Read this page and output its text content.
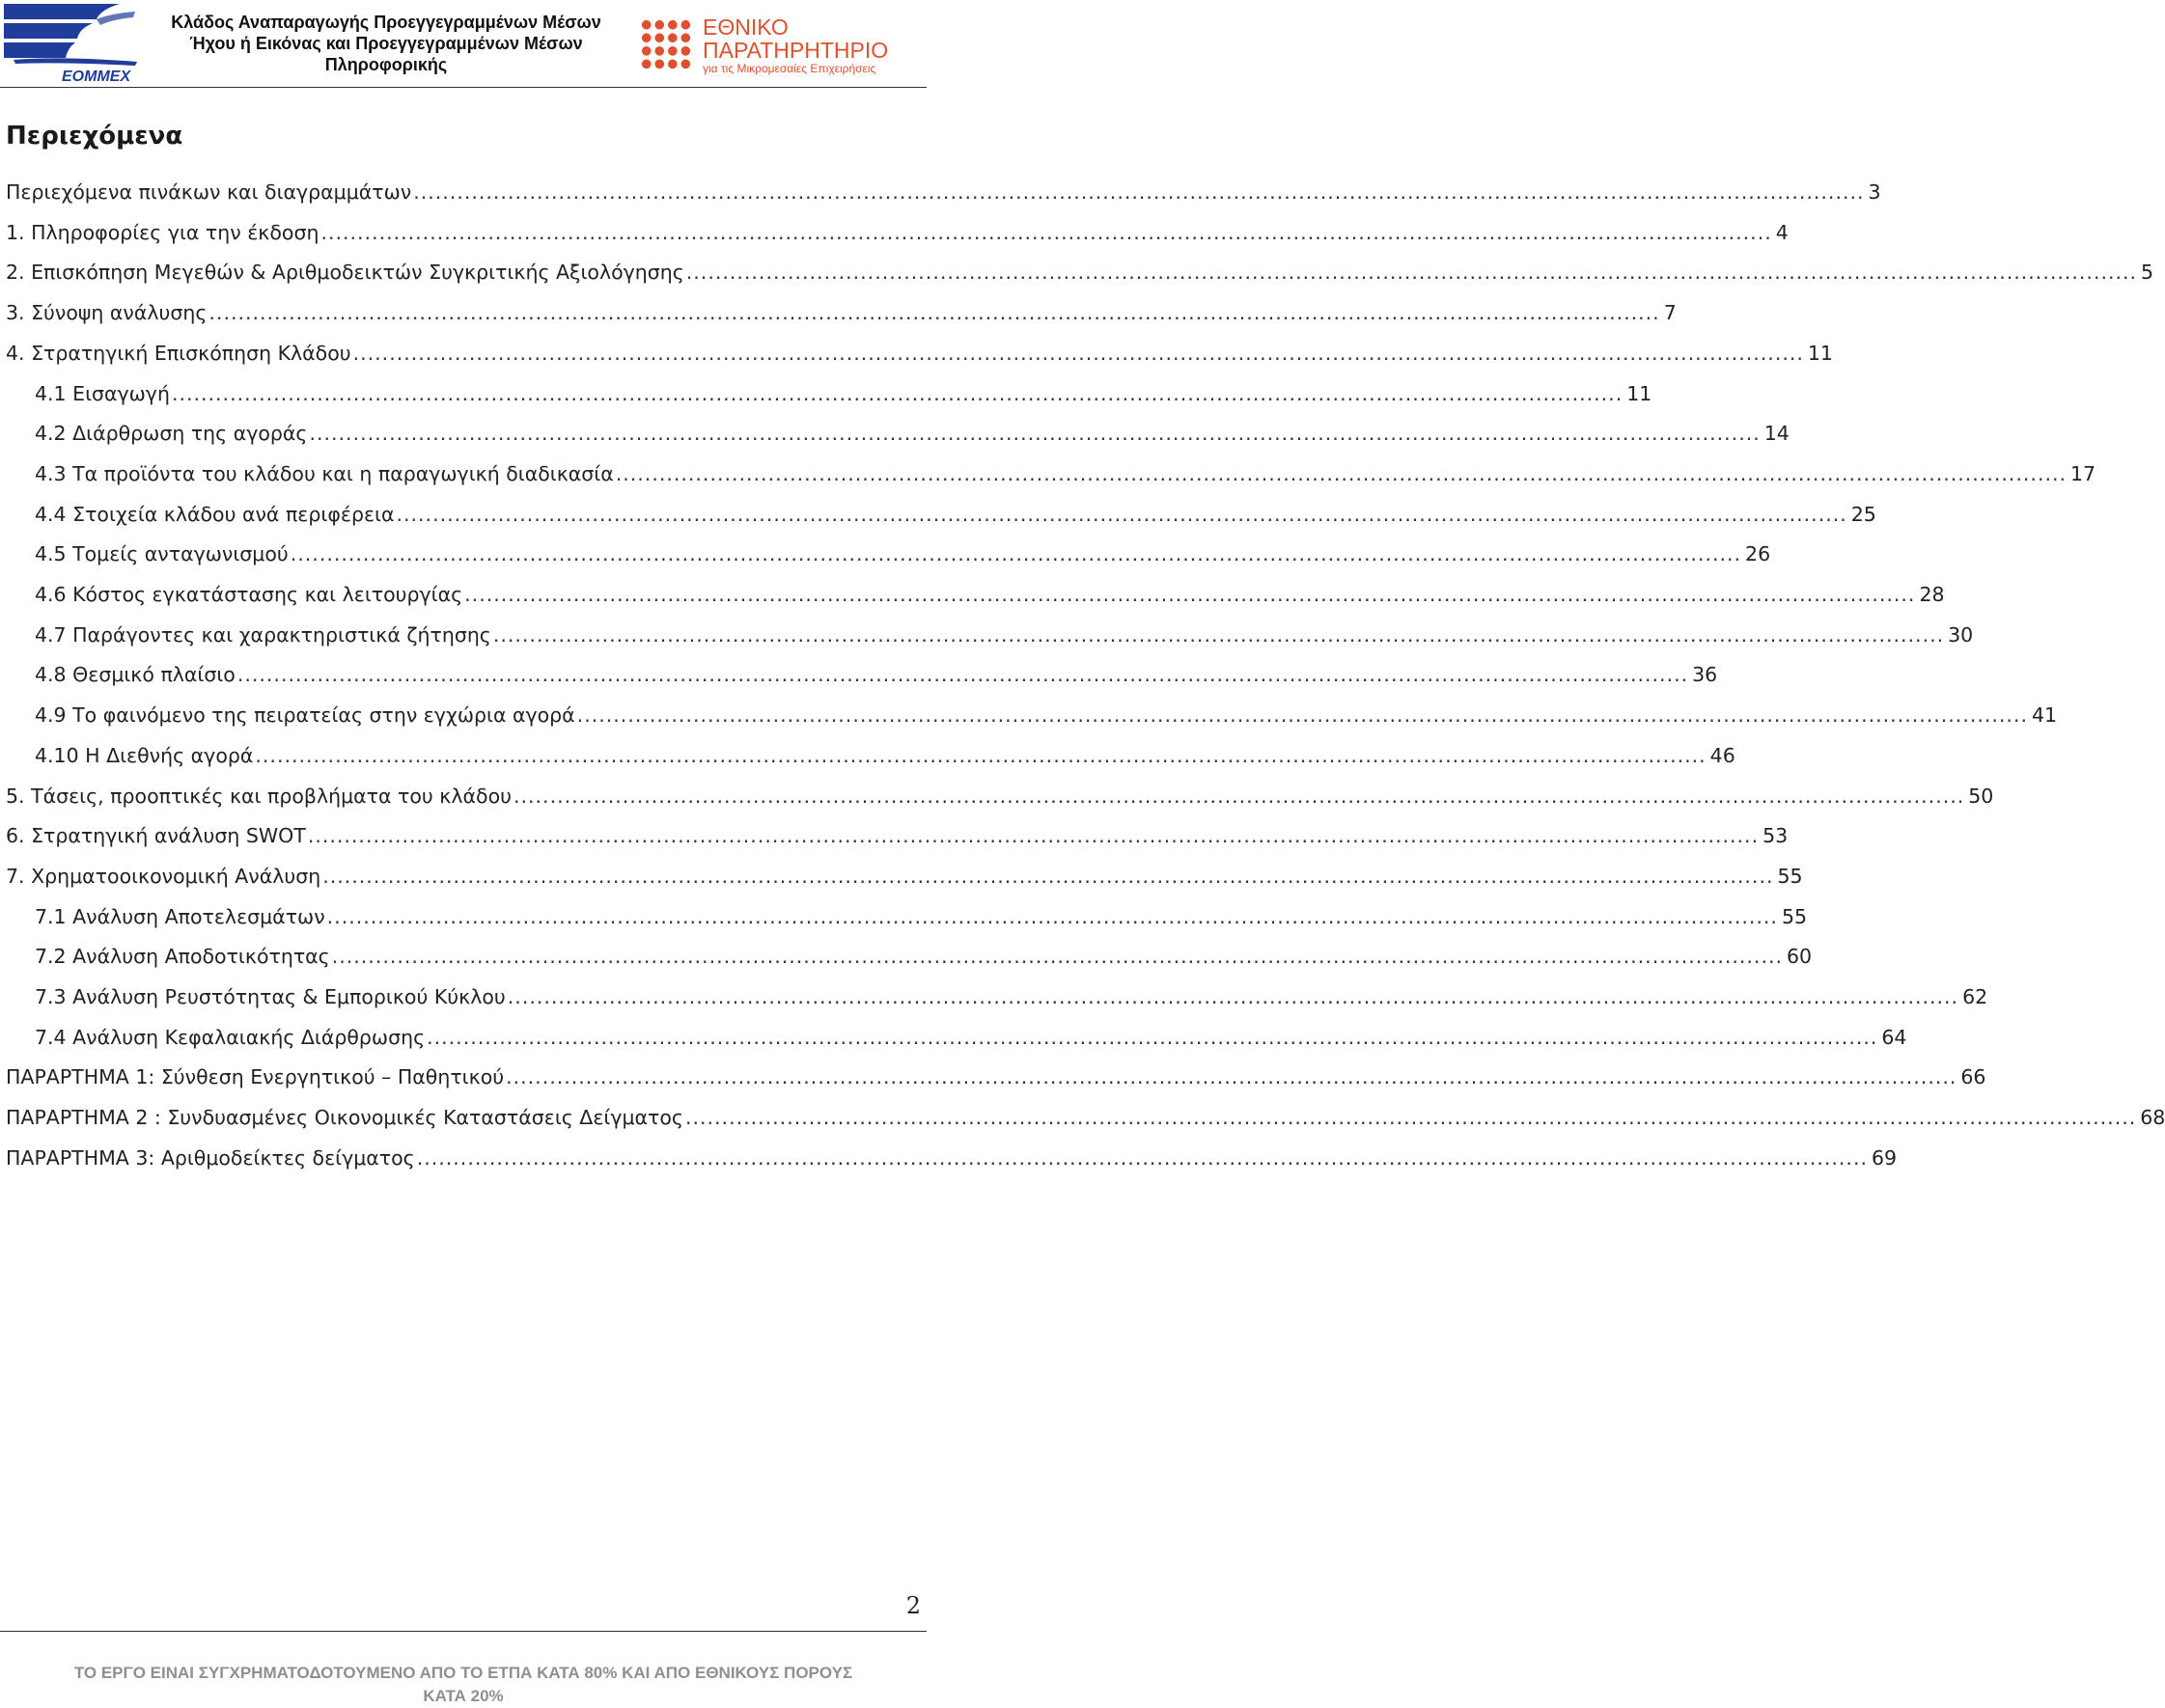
ΕΟΜΜΕΧ
Κλάδος Αναπαραγωγής Προεγγεγραμμένων Μέσων
Ήχου ή Εικόνας και Προεγγεγραμμένων Μέσων
Πληροφορικής
ΕΘΝΙΚΟ
ΠΑΡΑΤΗΡΗΤΗΡΙΟ
για τις Μικρομεσαίες Επιχειρήσεις
Περιεχόμενα
Περιεχόμενα πινάκων και διαγραμμάτων ........................................................................................................................................................................................................ 3
1. Πληροφορίες για την έκδοση ........................................................................................................................................................................................................ 4
2. Επισκόπηση Μεγεθών & Αριθμοδεικτών Συγκριτικής Αξιολόγησης ........................................................................................................................................................................................................ 5
3. Σύνοψη ανάλυσης ........................................................................................................................................................................................................ 7
4. Στρατηγική Επισκόπηση Κλάδου ........................................................................................................................................................................................................ 11
4.1 Εισαγωγή ........................................................................................................................................................................................................ 11
4.2 Διάρθρωση της αγοράς ........................................................................................................................................................................................................ 14
4.3 Τα προϊόντα του κλάδου και η παραγωγική διαδικασία ........................................................................................................................................................................................................ 17
4.4 Στοιχεία κλάδου ανά περιφέρεια ........................................................................................................................................................................................................ 25
4.5 Τομείς ανταγωνισμού ........................................................................................................................................................................................................ 26
4.6 Κόστος εγκατάστασης και λειτουργίας ........................................................................................................................................................................................................ 28
4.7 Παράγοντες και χαρακτηριστικά ζήτησης ........................................................................................................................................................................................................ 30
4.8 Θεσμικό πλαίσιο ........................................................................................................................................................................................................ 36
4.9 Το φαινόμενο της πειρατείας στην εγχώρια αγορά ........................................................................................................................................................................................................ 41
4.10 Η Διεθνής αγορά ........................................................................................................................................................................................................ 46
5. Τάσεις, προοπτικές και προβλήματα του κλάδου ........................................................................................................................................................................................................ 50
6. Στρατηγική ανάλυση SWOT ........................................................................................................................................................................................................ 53
7. Χρηματοοικονομική Ανάλυση ........................................................................................................................................................................................................ 55
7.1 Ανάλυση Αποτελεσμάτων ........................................................................................................................................................................................................ 55
7.2 Ανάλυση Αποδοτικότητας ........................................................................................................................................................................................................ 60
7.3 Ανάλυση Ρευστότητας & Εμπορικού Κύκλου ........................................................................................................................................................................................................ 62
7.4 Ανάλυση Κεφαλαιακής Διάρθρωσης ........................................................................................................................................................................................................ 64
ΠΑΡΑΡΤΗΜΑ 1: Σύνθεση Ενεργητικού – Παθητικού ........................................................................................................................................................................................................ 66
ΠΑΡΑΡΤΗΜΑ 2 : Συνδυασμένες Οικονομικές Καταστάσεις Δείγματος ........................................................................................................................................................................................................ 68
ΠΑΡΑΡΤΗΜΑ 3: Αριθμοδείκτες δείγματος ........................................................................................................................................................................................................ 69
2
ΤΟ ΕΡΓΟ ΕΙΝΑΙ ΣΥΓΧΡΗΜΑΤΟΔΟΤΟΥΜΕΝΟ ΑΠΟ ΤΟ ΕΤΠΑ ΚΑΤΑ 80% ΚΑΙ ΑΠΟ ΕΘΝΙΚΟΥΣ ΠΟΡΟΥΣ
ΚΑΤΑ 20%
